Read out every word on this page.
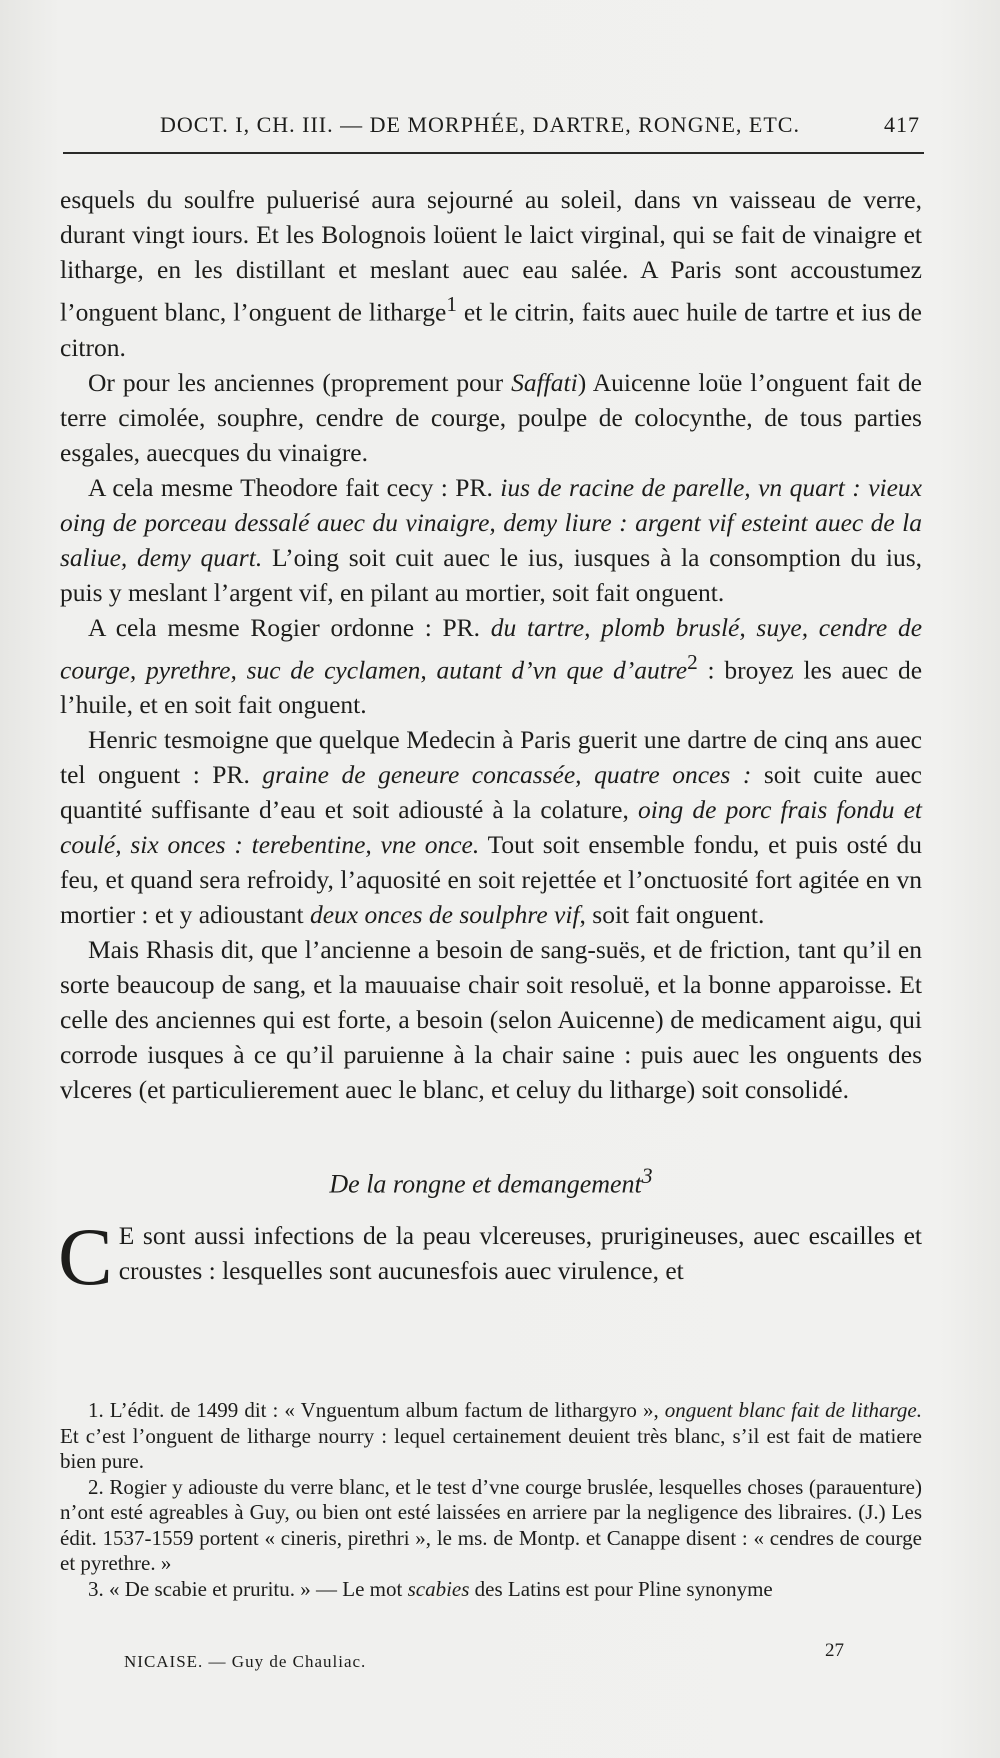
DOCT. I, CH. III. — DE MORPHÉE, DARTRE, RONGNE, ETC.	417

esquels du soulfre puluerisé aura sejourné au soleil, dans vn vaisseau de verre, durant vingt iours. Et les Bolognois loüent le laict virginal, qui se fait de vinaigre et litharge, en les distillant et meslant auec eau salée. A Paris sont accoustumez l’onguent blanc, l’onguent de litharge$^1$ et le citrin, faits auec huile de tartre et ius de citron.

Or pour les anciennes (proprement pour Saffati) Auicenne loüe l’onguent fait de terre cimolée, souphre, cendre de courge, poulpe de colocynthe, de tous parties esgales, auecques du vinaigre.

A cela mesme Theodore fait cecy : PR. ius de racine de parelle, vn quart : vieux oing de porceau dessalé auec du vinaigre, demy liure : argent vif esteint auec de la saliue, demy quart. L’oing soit cuit auec le ius, iusques à la consomption du ius, puis y meslant l’argent vif, en pilant au mortier, soit fait onguent.

A cela mesme Rogier ordonne : PR. du tartre, plomb bruslé, suye, cendre de courge, pyrethre, suc de cyclamen, autant d’vn que d’autre$^2$ : broyez les auec de l’huile, et en soit fait onguent.

Henric tesmoigne que quelque Medecin à Paris guerit une dartre de cinq ans auec tel onguent : PR. graine de geneure concassée, quatre onces : soit cuite auec quantité suffisante d’eau et soit adiousté à la colature, oing de porc frais fondu et coulé, six onces : terebentine, vne once. Tout soit ensemble fondu, et puis osté du feu, et quand sera refroidy, l’aquosité en soit rejettée et l’onctuosité fort agitée en vn mortier : et y adioustant deux onces de soulphre vif, soit fait onguent.

Mais Rhasis dit, que l’ancienne a besoin de sang-suës, et de friction, tant qu’il en sorte beaucoup de sang, et la mauuaise chair soit resoluë, et la bonne apparoisse. Et celle des anciennes qui est forte, a besoin (selon Auicenne) de medicament aigu, qui corrode iusques à ce qu’il paruienne à la chair saine : puis auec les onguents des vlceres (et particulierement auec le blanc, et celuy du litharge) soit consolidé.

De la rongne et demangement$^3$

C E sont aussi infections de la peau vlcereuses, prurigineuses, auec escailles et croustes : lesquelles sont aucunesfois auec virulence, et

1. L’édit. de 1499 dit : « Vnguentum album factum de lithargyro », onguent blanc fait de litharge. Et c’est l’onguent de litharge nourry : lequel certainement deuient très blanc, s’il est fait de matiere bien pure.

2. Rogier y adiouste du verre blanc, et le test d’vne courge bruslée, lesquelles choses (parauenture) n’ont esté agreables à Guy, ou bien ont esté laissées en arriere par la negligence des libraires. (J.) Les édit. 1537-1559 portent « cineris, pirethri », le ms. de Montp. et Canappe disent : « cendres de courge et pyrethre. »

3. « De scabie et pruritu. » — Le mot scabies des Latins est pour Pline synonyme

NICAISE. — Guy de Chauliac.
27
